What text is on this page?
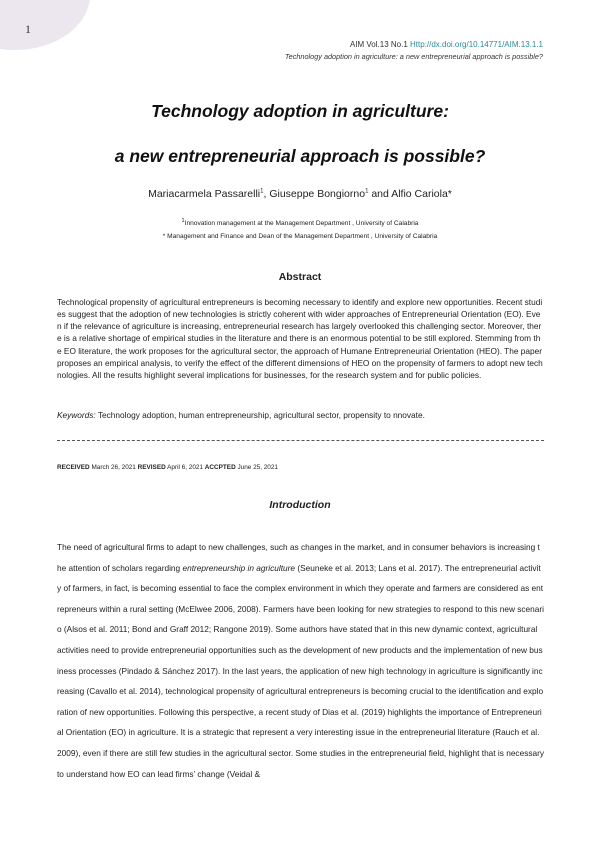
1
AIM Vol.13 No.1 Http://dx.doi.org/10.14771/AIM.13.1.1
Technology adoption in agriculture: a new entrepreneurial approach is possible?
Technology adoption in agriculture:
a new entrepreneurial approach is possible?
Mariacarmela Passarelli$^1$, Giuseppe Bongiorno$^1$ and Alfio Cariola*
$^1$Innovation management at the Management Department , University of Calabria
* Management and Finance and Dean of the Management Department , University of Calabria
Abstract

Technological propensity of agricultural entrepreneurs is becoming necessary to identify and explore new opportunities. Recent studies suggest that the adoption of new technologies is strictly coherent with wider approaches of Entrepreneurial Orientation (EO). Even if the relevance of agriculture is increasing, entrepreneurial research has largely overlooked this challenging sector. Moreover, there is a relative shortage of empirical studies in the literature and there is an enormous potential to be still explored. Stemming from the EO literature, the work proposes for the agricultural sector, the approach of Humane Entrepreneurial Orientation (HEO). The paper proposes an empirical analysis, to verify the effect of the different dimensions of HEO on the propensity of farmers to adopt new technologies. All the results highlight several implications for businesses, for the research system and for public policies.

Keywords: Technology adoption, human entrepreneurship, agricultural sector, propensity to nnovate.

RECEIVED March 26, 2021 REVISED April 6, 2021 ACCPTED June 25, 2021
Introduction

The need of agricultural firms to adapt to new challenges, such as changes in the market, and in consumer behaviors is increasing the attention of scholars regarding entrepreneurship in agriculture (Seuneke et al. 2013; Lans et al. 2017). The entrepreneurial activity of farmers, in fact, is becoming essential to face the complex environment in which they operate and farmers are considered as entrepreneurs within a rural setting (McElwee 2006, 2008). Farmers have been looking for new strategies to respond to this new scenario (Alsos et al. 2011; Bond and Graff 2012; Rangone 2019). Some authors have stated that in this new dynamic context, agricultural activities need to provide entrepreneurial opportunities such as the development of new products and the implementation of new business processes (Pindado & Sánchez 2017). In the last years, the application of new high technology in agriculture is significantly increasing (Cavallo et al. 2014), technological propensity of agricultural entrepreneurs is becoming crucial to the identification and exploration of new opportunities. Following this perspective, a recent study of Dias et al. (2019) highlights the importance of Entrepreneurial Orientation (EO) in agriculture. It is a strategic that represent a very interesting issue in the entrepreneurial literature (Rauch et al. 2009), even if there are still few studies in the agricultural sector. Some studies in the entrepreneurial field, highlight that is necessary to understand how EO can lead firms’ change (Veidal &
